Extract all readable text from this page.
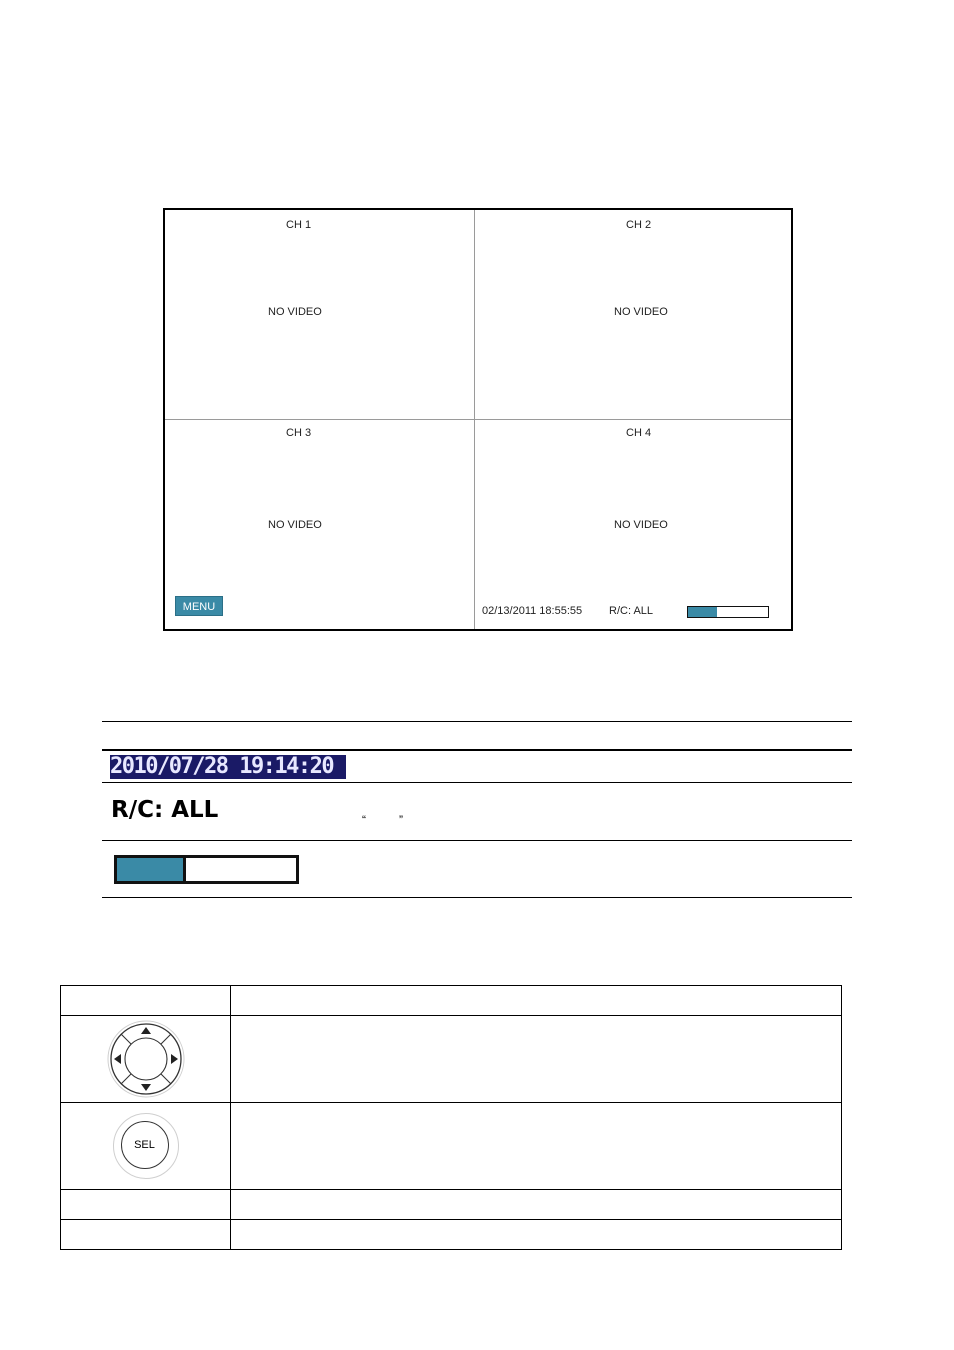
CH 1
NO VIDEO
CH 2
NO VIDEO
CH 3
NO VIDEO
CH 4
NO VIDEO
MENU	02/13/2011 18:55:55 R/C: ALL
2010/07/28 19:14:20
R/C: ALL	“	”

SEL	
